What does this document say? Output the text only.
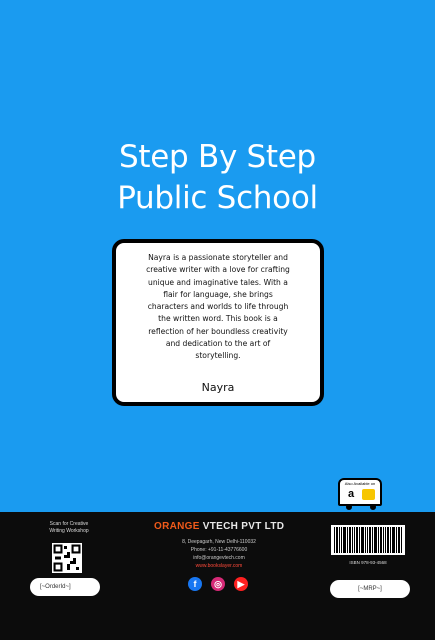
Step By Step
Public School
Nayra is a passionate storyteller and
creative writer with a love for crafting
unique and imaginative tales. With a
flair for language, she brings
characters and worlds to life through
the written word. This book is a
reflection of her boundless creativity
and dedication to the art of
storytelling.
Nayra
Also Available on
a
Scan for Creative
Writing Workshop
[~OrderId~]
ORANGE VTECH PVT LTD
8, Deepagarh, New Delhi-110032
Phone: +91-11-43776600
info@orangevtech.com
www.bookslayer.com
f	◎	▶
ISBN 978-93-4568
[~MRP~]
